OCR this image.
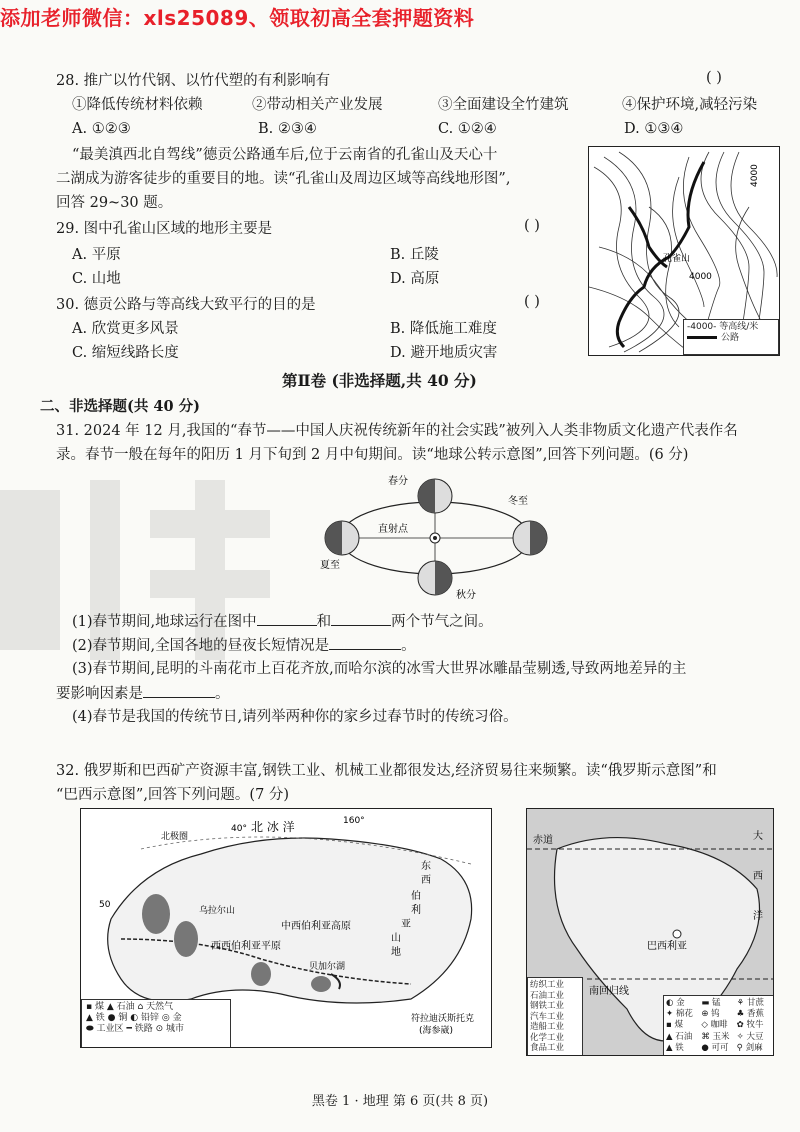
添加老师微信：xls25089、领取初高全套押题资料
28. 推广以竹代钢、以竹代塑的有利影响有	( )
①降低传统材料依赖	②带动相关产业发展	③全面建设全竹建筑	④保护环境,减轻污染
A. ①②③	B. ②③④	C. ①②④	D. ①③④
“最美滇西北自驾线”德贡公路通车后,位于云南省的孔雀山及天心十
二湖成为游客徒步的重要目的地。读“孔雀山及周边区域等高线地形图”,
回答 29~30 题。
29. 图中孔雀山区域的地形主要是	( )
A. 平原	B. 丘陵
C. 山地	D. 高原
30. 德贡公路与等高线大致平行的目的是	( )
A. 欣赏更多风景	B. 降低施工难度
C. 缩短线路长度	D. 避开地质灾害
4000
4000
孔雀山
-4000- 等高线/米
公路
第Ⅱ卷 (非选择题,共 40 分)
二、非选择题(共 40 分)
31. 2024 年 12 月,我国的“春节——中国人庆祝传统新年的社会实践”被列入人类非物质文化遗产代表作名
录。春节一般在每年的阳历 1 月下旬到 2 月中旬期间。读“地球公转示意图”,回答下列问题。(6 分)
春分
冬至
夏至
秋分
直射点
(1)春节期间,地球运行在图中	和	两个节气之间。
(2)春节期间,全国各地的昼夜长短情况是	。
(3)春节期间,昆明的斗南花市上百花齐放,而哈尔滨的冰雪大世界冰雕晶莹剔透,导致两地差异的主
要影响因素是	。
(4)春节是我国的传统节日,请列举两种你的家乡过春节时的传统习俗。
32. 俄罗斯和巴西矿产资源丰富,钢铁工业、机械工业都很发达,经济贸易往来频繁。读“俄罗斯示意图”和
“巴西示意图”,回答下列问题。(7 分)
北 冰 洋
40°
160°
50
北极圈
中西伯利亚高原
西西伯利亚平原
乌拉尔山
东
西
伯
利
亚
山
地
贝加尔湖
符拉迪沃斯托克
(海参崴)
▪ 煤 ▲ 石油 ⌂ 天然气
▲ 铁 ● 铜 ◐ 铅锌 ◎ 金
⬬ 工业区 ━ 铁路 ⊙ 城市
赤道
南回归线
巴西利亚
大
西
洋
纺织工业
石油工业
钢铁工业
汽车工业
造船工业
化学工业
食品工业
◐ 金	▬ 锰	⚘ 甘蔗
✦ 棉花	⊕ 钨	♣ 香蕉
▪ 煤	◇ 咖啡	✿ 牧牛
▲ 石油	⌘ 玉米 ✧ 大豆
▲ 铁	● 可可 ⚲ 剑麻
黑卷 1 · 地理 第 6 页(共 8 页)
